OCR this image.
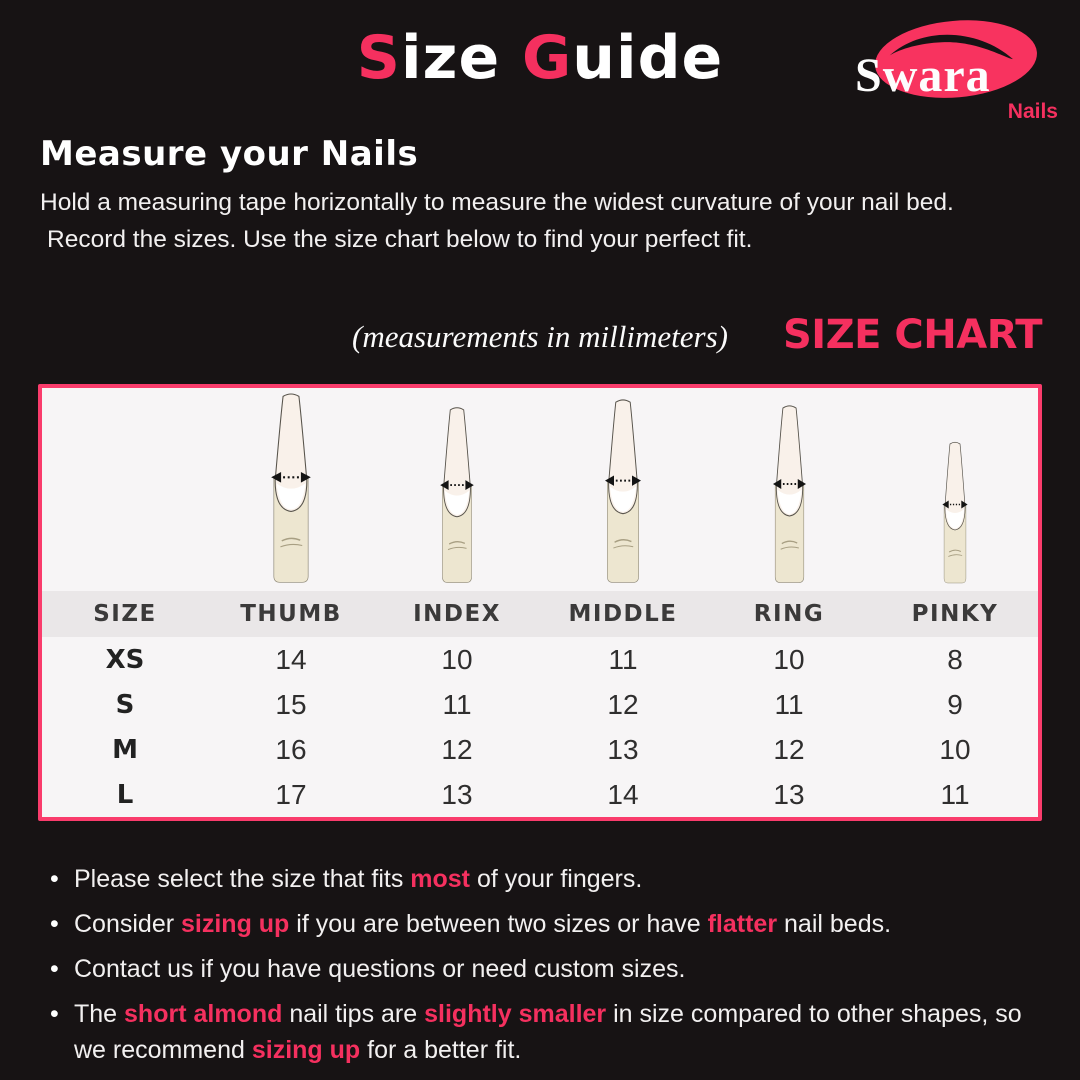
Size Guide	Swara
Nails
Measure your Nails

Hold a measuring tape horizontally to measure the widest curvature of your nail bed.
Record the sizes. Use the size chart below to find your perfect fit.

(measurements in millimeters) SIZE CHART
SIZE	THUMB	INDEX	MIDDLE	RING	PINKY
XS	14	10	11	10	8
S	15	11	12	11	9
M	16	12	13	12	10
L	17	13	14	13	11
• Please select the size that fits most of your fingers.
• Consider sizing up if you are between two sizes or have flatter nail beds.
• Contact us if you have questions or need custom sizes.
• The short almond nail tips are slightly smaller in size compared to other shapes, so we recommend sizing up for a better fit.
